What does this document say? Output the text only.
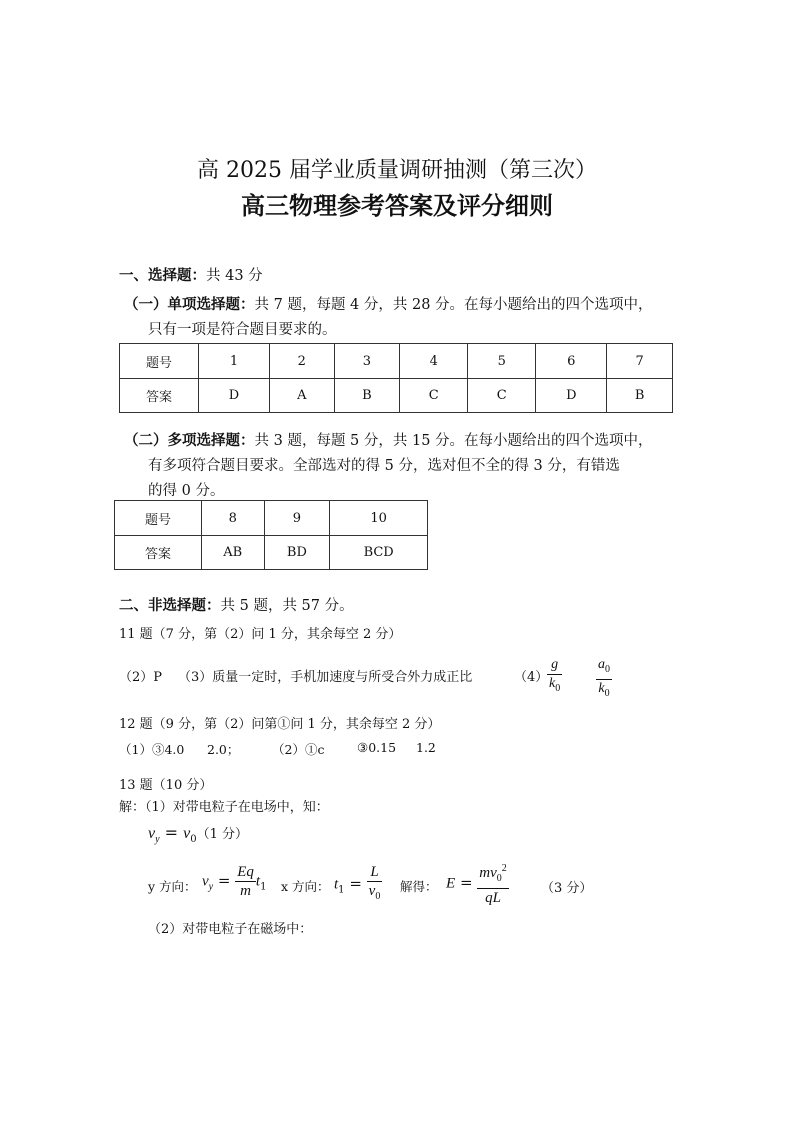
高 2025 届学业质量调研抽测（第三次）
高三物理参考答案及评分细则
一、选择题：共 43 分
（一）单项选择题：共 7 题，每题 4 分，共 28 分。在每小题给出的四个选项中，
只有一项是符合题目要求的。
题号	1	2	3	4	5	6	7
答案	D	A	B	C	C	D	B
（二）多项选择题：共 3 题，每题 5 分，共 15 分。在每小题给出的四个选项中，
有多项符合题目要求。全部选对的得 5 分，选对但不全的得 3 分，有错选
的得 0 分。
题号	8	9	10
答案	AB	BD	BCD
二、非选择题：共 5 题，共 57 分。
11 题（7 分，第（2）问 1 分，其余每空 2 分）
（2）P （3）质量一定时，手机加速度与所受合外力成正比	（4）
$\frac{g}{k_0} \frac{a_0}{k_0}$
12 题（9 分，第（2）问第①问 1 分，其余每空 2 分）
（1）③4.0 2.0；	（2）①c	③0.15 1.2
13 题（10 分）
解：（1）对带电粒子在电场中，知：
$v_y = v_0(1$ 分）
y 方向： $v_y = \frac{Eq}{m} t_1$ x 方向： $t_1 = \frac{L}{v_0}$ 解得： $E = \frac{mv_0^2}{qL} (3$ 分）
（2）对带电粒子在磁场中：
